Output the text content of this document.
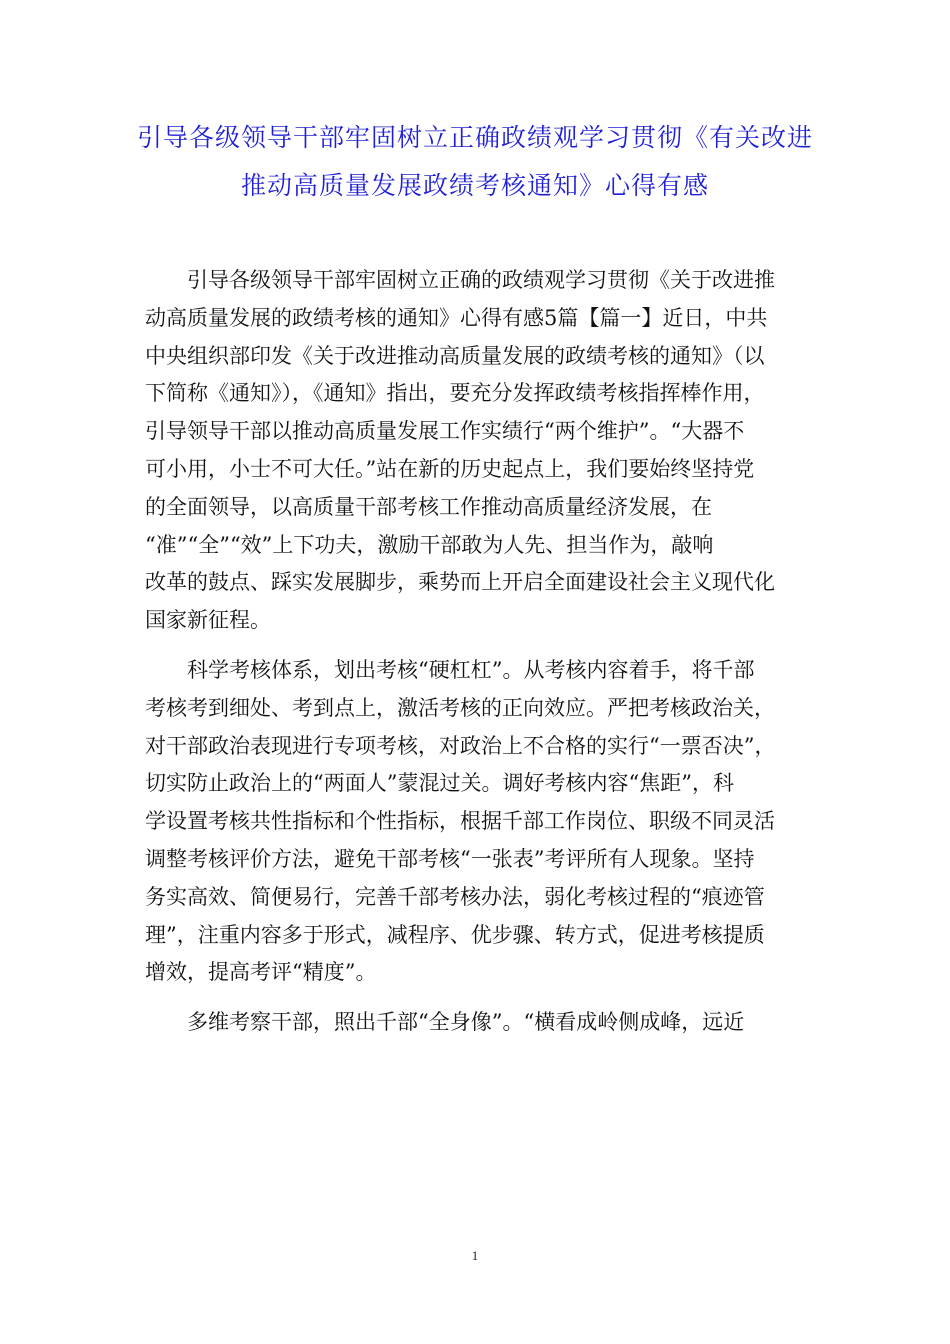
引导各级领导干部牢固树立正确政绩观学习贯彻《有关改进
推动高质量发展政绩考核通知》心得有感
引导各级领导干部牢固树立正确的政绩观学习贯彻《关于改进推
动高质量发展的政绩考核的通知》心得有感5篇【篇一】近日，中共
中央组织部印发《关于改进推动高质量发展的政绩考核的通知》（以
下简称《通知》），《通知》指出，要充分发挥政绩考核指挥棒作用，
引导领导干部以推动高质量发展工作实绩行“两个维护”。“大器不
可小用，小士不可大任。”站在新的历史起点上，我们要始终坚持党
的全面领导，以高质量干部考核工作推动高质量经济发展，在
“准”“全”“效”上下功夫，激励干部敢为人先、担当作为，敲响
改革的鼓点、踩实发展脚步，乘势而上开启全面建设社会主义现代化
国家新征程。
科学考核体系，划出考核“硬杠杠”。从考核内容着手，将千部
考核考到细处、考到点上，激活考核的正向效应。严把考核政治关，
对干部政治表现进行专项考核，对政治上不合格的实行“一票否决”，
切实防止政治上的“两面人”蒙混过关。调好考核内容“焦距”，科
学设置考核共性指标和个性指标，根据千部工作岗位、职级不同灵活
调整考核评价方法，避免干部考核“一张表”考评所有人现象。坚持
务实高效、简便易行，完善千部考核办法，弱化考核过程的“痕迹管
理”，注重内容多于形式，减程序、优步骤、转方式，促进考核提质
增效，提高考评“精度”。
多维考察干部，照出千部“全身像”。“横看成岭侧成峰，远近
1
